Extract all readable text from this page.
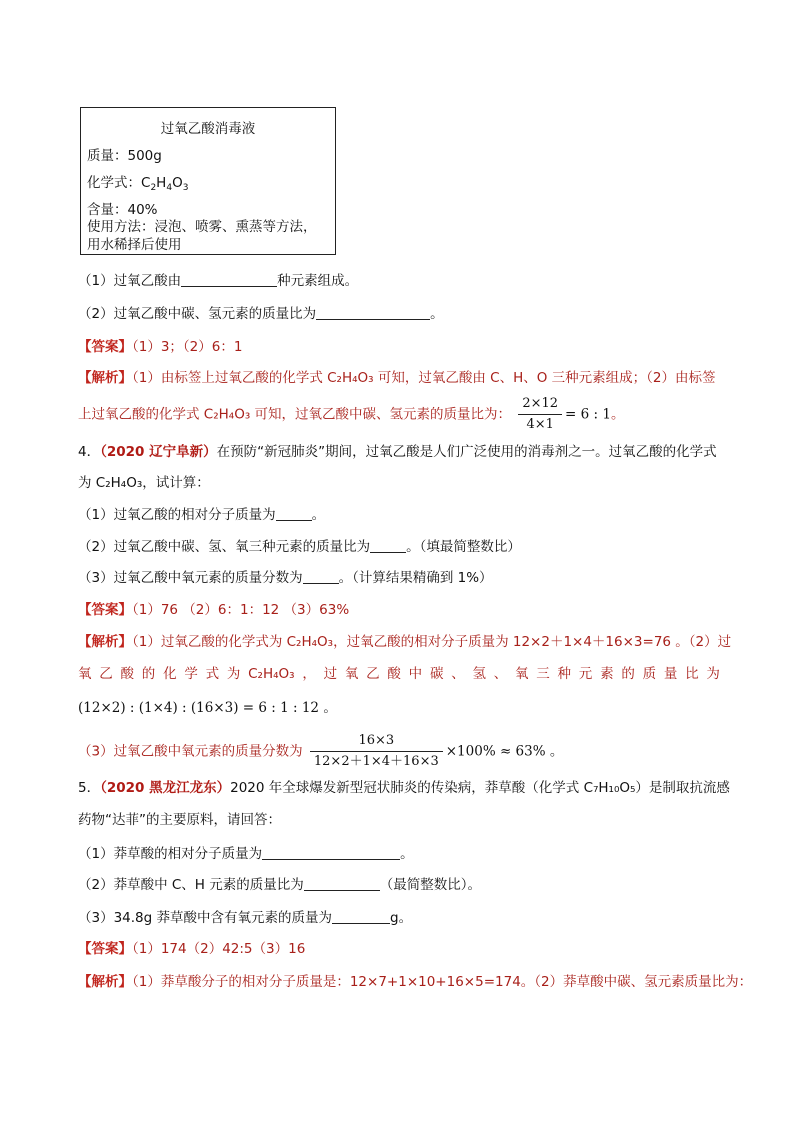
过氧乙酸消毒液
质量：500g
化学式：$C_2H_4O_3$
含量：40%
使用方法：浸泡、喷雾、熏蒸等方法，
用水稀择后使用
（1）过氧乙酸由	种元素组成。
（2）过氧乙酸中碳、氢元素的质量比为	。
【答案】（1）3；（2）6：1
【解析】（1）由标签上过氧乙酸的化学式 C₂H₄O₃ 可知，过氧乙酸由 C、H、O 三种元素组成；（2）由标签
上过氧乙酸的化学式 C₂H₄O₃ 可知，过氧乙酸中碳、氢元素的质量比为： $\frac{2\times 12}{4\times 1} = 6$ : 1。
4．（2020 辽宁阜新）在预防“新冠肺炎”期间，过氧乙酸是人们广泛使用的消毒剂之一。过氧乙酸的化学式
为 C₂H₄O₃，试计算：
（1）过氧乙酸的相对分子质量为	。
（2）过氧乙酸中碳、氢、氧三种元素的质量比为	。（填最简整数比）
（3）过氧乙酸中氧元素的质量分数为	。（计算结果精确到 1%）
【答案】（1）76 （2）6：1：12 （3）63%
【解析】（1）过氧乙酸的化学式为 C₂H₄O₃，过氧乙酸的相对分子质量为 12×2＋1×4＋16×3=76 。（2）过
氧 乙 酸 的 化 学 式 为 C₂H₄O₃ ， 过 氧 乙 酸 中 碳 、 氢 、 氧 三 种 元 素 的 质 量 比 为
(12×2) : (1×4) : (16×3) = 6 : 1 : 12 。
（3）过氧乙酸中氧元素的质量分数为 $\frac{16\times 3}{12\times 2+1\times 4+16\times 3} \times 100\% \approx 63\%$ 。
5．（2020 黑龙江龙东）2020 年全球爆发新型冠状肺炎的传染病，莽草酸（化学式 C₇H₁₀O₅）是制取抗流感
药物“达菲”的主要原料，请回答：
（1）莽草酸的相对分子质量为	。
（2）莽草酸中 C、H 元素的质量比为	（最简整数比）。
（3）34.8g 莽草酸中含有氧元素的质量为	g。
【答案】（1）174（2）42:5（3）16
【解析】（1）莽草酸分子的相对分子质量是：12×7+1×10+16×5=174。（2）莽草酸中碳、氢元素质量比为：
